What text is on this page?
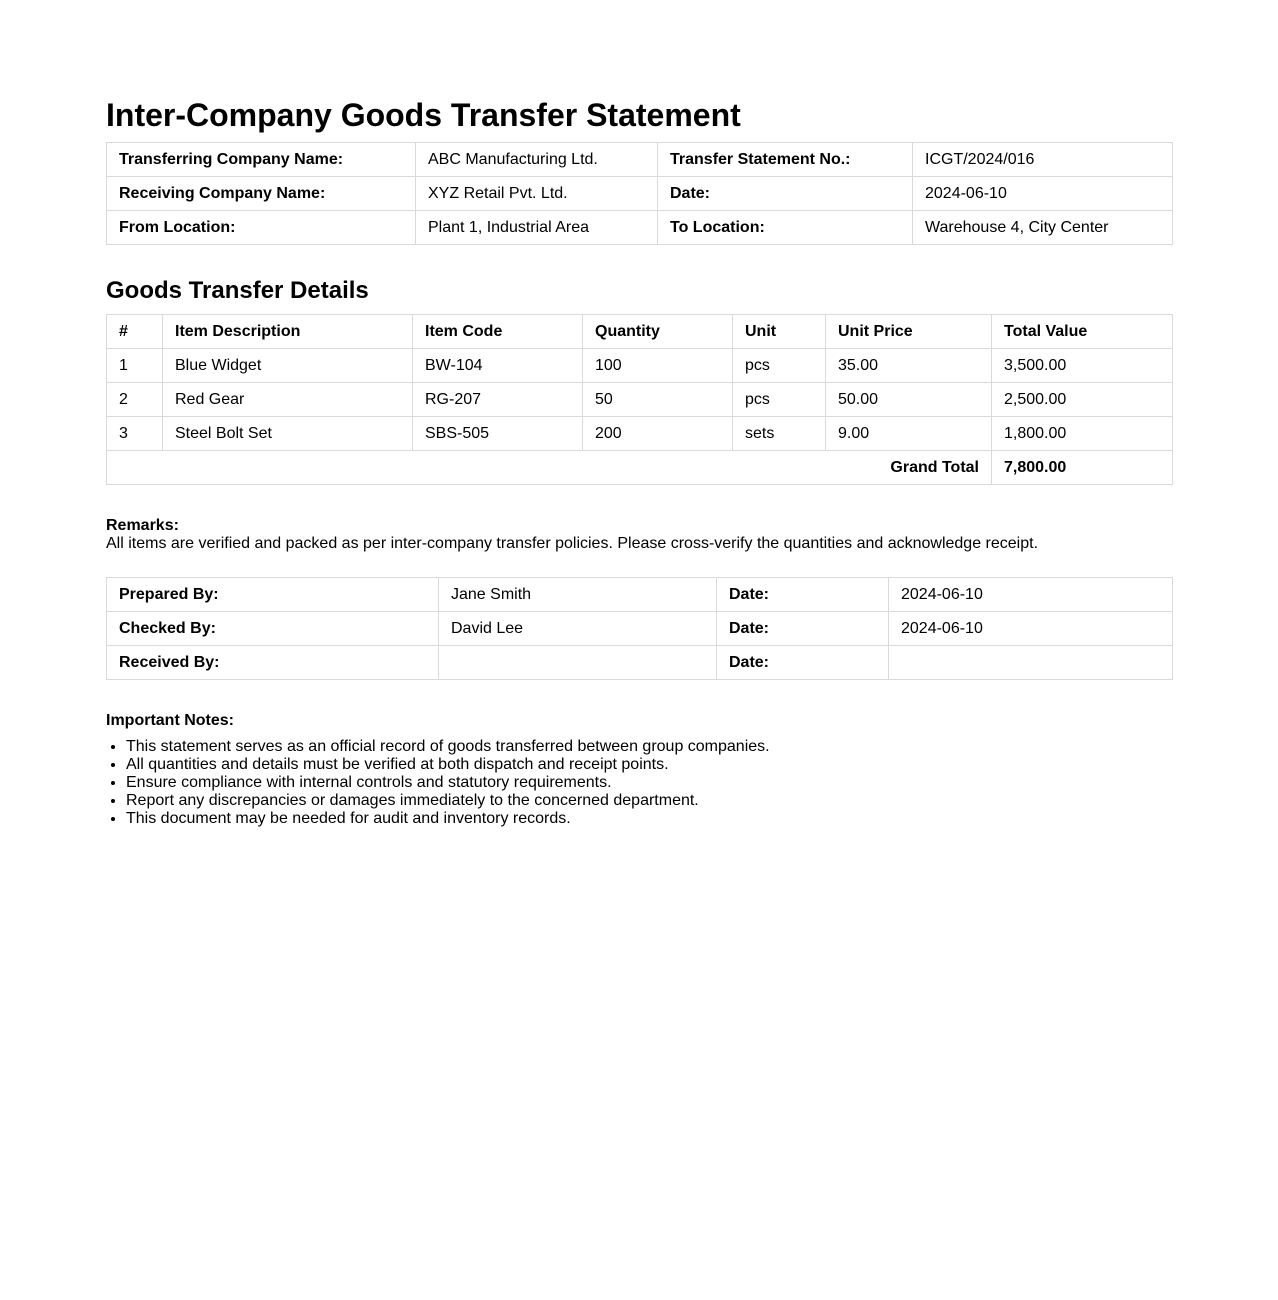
Inter-Company Goods Transfer Statement
Transferring Company Name:	ABC Manufacturing Ltd.	Transfer Statement No.:	ICGT/2024/016
Receiving Company Name:	XYZ Retail Pvt. Ltd.	Date:	2024-06-10
From Location:	Plant 1, Industrial Area	To Location:	Warehouse 4, City Center
Goods Transfer Details
#	Item Description	Item Code	Quantity	Unit	Unit Price	Total Value
1	Blue Widget	BW-104	100	pcs	35.00	3,500.00
2	Red Gear	RG-207	50	pcs	50.00	2,500.00
3	Steel Bolt Set	SBS-505	200	sets	9.00	1,800.00
Grand Total						7,800.00
Remarks:
All items are verified and packed as per inter-company transfer policies. Please cross-verify the quantities and acknowledge receipt.
Prepared By:	Jane Smith	Date:	2024-06-10
Checked By:	David Lee	Date:	2024-06-10
Received By:		Date:	
Important Notes:
• This statement serves as an official record of goods transferred between group companies.
• All quantities and details must be verified at both dispatch and receipt points.
• Ensure compliance with internal controls and statutory requirements.
• Report any discrepancies or damages immediately to the concerned department.
• This document may be needed for audit and inventory records.
